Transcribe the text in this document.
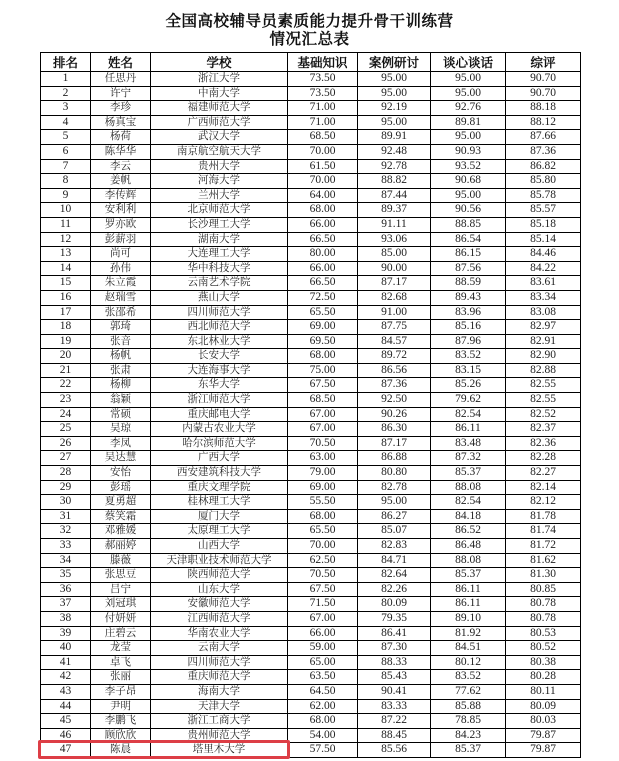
全国高校辅导员素质能力提升骨干训练营
情况汇总表
排名	姓名	学校	基础知识	案例研讨	谈心谈话	综评
1	任思丹	浙江大学	73.50	95.00	95.00	90.70
2	许宁	中南大学	73.50	95.00	95.00	90.70
3	李珍	福建师范大学	71.00	92.19	92.76	88.18
4	杨真宝	广西师范大学	71.00	95.00	89.81	88.12
5	杨荷	武汉大学	68.50	89.91	95.00	87.66
6	陈华华	南京航空航天大学	70.00	92.48	90.93	87.36
7	李云	贵州大学	61.50	92.78	93.52	86.82
8	姜帆	河海大学	70.00	88.82	90.68	85.80
9	李传辉	兰州大学	64.00	87.44	95.00	85.78
10	安利利	北京师范大学	68.00	89.37	90.56	85.57
11	罗亦欧	长沙理工大学	66.00	91.11	88.85	85.18
12	彭薪羽	湖南大学	66.50	93.06	86.54	85.14
13	尚可	大连理工大学	80.00	85.00	86.15	84.46
14	孙伟	华中科技大学	66.00	90.00	87.56	84.22
15	朱立霞	云南艺术学院	66.50	87.17	88.59	83.61
16	赵瑞雪	燕山大学	72.50	82.68	89.43	83.34
17	张邵希	四川师范大学	65.50	91.00	83.96	83.08
18	郭琦	西北师范大学	69.00	87.75	85.16	82.97
19	张音	东北林业大学	69.50	84.57	87.96	82.91
20	杨帆	长安大学	68.00	89.72	83.52	82.90
21	张肃	大连海事大学	75.00	86.56	83.15	82.88
22	杨柳	东华大学	67.50	87.36	85.26	82.55
23	翁颖	浙江师范大学	68.50	92.50	79.62	82.55
24	常硕	重庆邮电大学	67.00	90.26	82.54	82.52
25	吴琼	内蒙古农业大学	67.00	86.30	86.11	82.37
26	李凤	哈尔滨师范大学	70.50	87.17	83.48	82.36
27	吴达慧	广西大学	63.00	86.88	87.32	82.28
28	安怡	西安建筑科技大学	79.00	80.80	85.37	82.27
29	彭瑶	重庆文理学院	69.00	82.78	88.08	82.14
30	夏勇超	桂林理工大学	55.50	95.00	82.54	82.12
31	蔡笑霜	厦门大学	68.00	86.27	84.18	81.78
32	邓雅媛	太原理工大学	65.50	85.07	86.52	81.74
33	郝丽婷	山西大学	70.00	82.83	86.48	81.72
34	滕薇	天津职业技术师范大学	62.50	84.71	88.08	81.62
35	张思豆	陕西师范大学	70.50	82.64	85.37	81.30
36	吕宁	山东大学	67.50	82.26	86.11	80.85
37	刘冠琪	安徽师范大学	71.50	80.09	86.11	80.78
38	付妍妍	江西师范大学	67.00	79.35	89.10	80.78
39	庄碧云	华南农业大学	66.00	86.41	81.92	80.53
40	龙莹	云南大学	59.00	87.30	84.51	80.52
41	卓飞	四川师范大学	65.00	88.33	80.12	80.38
42	张丽	重庆师范大学	63.50	85.43	83.52	80.28
43	李子昂	海南大学	64.50	90.41	77.62	80.11
44	尹明	天津大学	62.00	83.33	85.88	80.09
45	李鹏飞	浙江工商大学	68.00	87.22	78.85	80.03
46	顾欣欣	贵州师范大学	54.00	88.45	84.23	79.87
47	陈晨	塔里木大学	57.50	85.56	85.37	79.87
